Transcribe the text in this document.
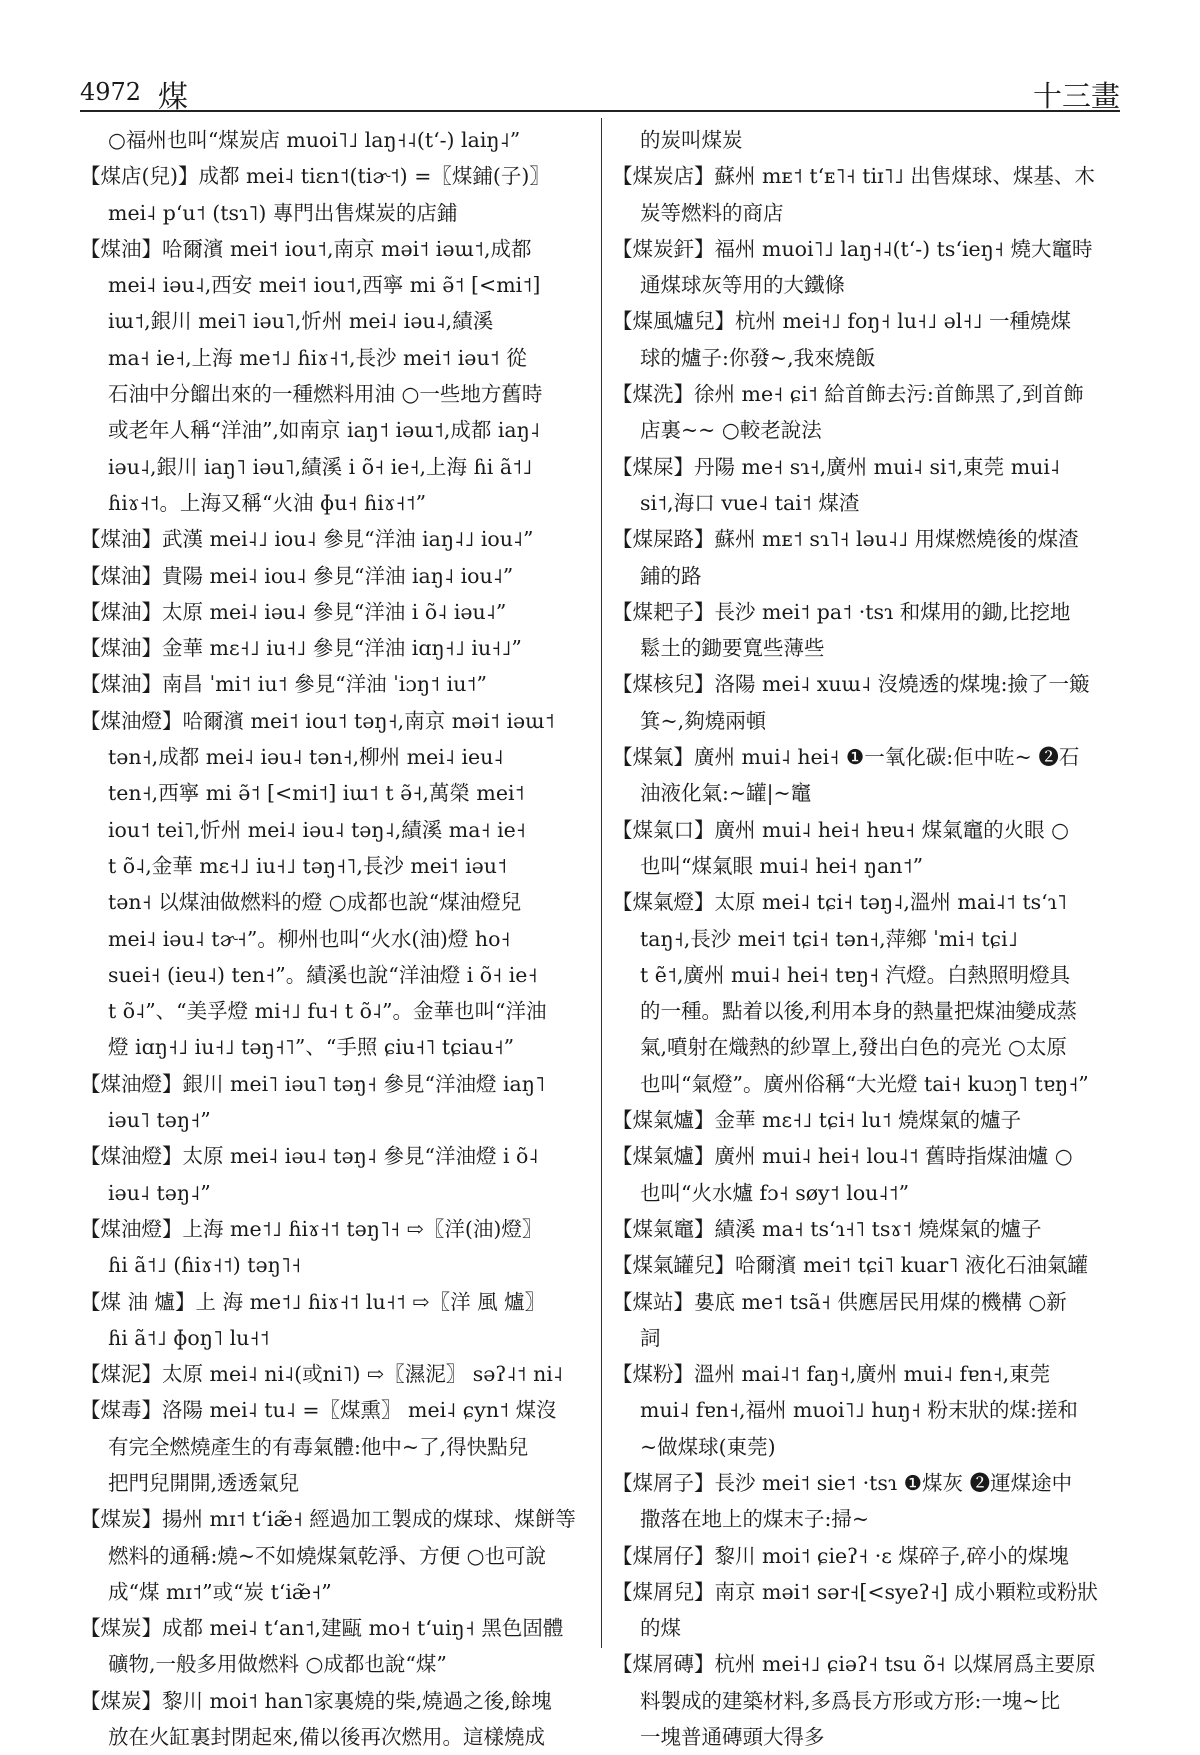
4972 煤	十三畫
○福州也叫“煤炭店 muoi˥˩ laŋ˧˨(tʻ-) laiŋ˨”
【煤店(兒)】成都 mei˨ tiɛn˦(tiɚ˦) =〖煤鋪(子)〗
mei˨ pʻu˦ (tsɿ˥) 專門出售煤炭的店鋪
【煤油】哈爾濱 mei˦ iou˦,南京 məi˦ iəɯ˦,成都
mei˨ iəu˨,西安 mei˦ iou˦,西寧 mi ə̃˦ [<mi˦]
iɯ˦,銀川 mei˥ iəu˥,忻州 mei˨ iəu˨,績溪
ma˧ ie˧,上海 me˦˩ ɦiɤ˧˦,長沙 mei˦ iəu˦ 從
石油中分餾出來的一種燃料用油 ○一些地方舊時
或老年人稱“洋油”,如南京 iaŋ˦ iəɯ˦,成都 iaŋ˨
iəu˨,銀川 iaŋ˥ iəu˥,績溪 i õ˧ ie˧,上海 ɦi ã˦˩
ɦiɤ˧˦。上海又稱“火油 ɸu˧ ɦiɤ˧˦”
【煤油】武漢 mei˨˩ iou˨ 參見“洋油 iaŋ˨˩ iou˨”
【煤油】貴陽 mei˨ iou˨ 參見“洋油 iaŋ˨ iou˨”
【煤油】太原 mei˨ iəu˨ 參見“洋油 i õ˨ iəu˨”
【煤油】金華 mɛ˧˩ iu˧˩ 參見“洋油 iɑŋ˧˩ iu˧˩”
【煤油】南昌 ˈmi˦ iu˦ 參見“洋油 ˈiɔŋ˦ iu˦”
【煤油燈】哈爾濱 mei˦ iou˦ təŋ˧,南京 məi˦ iəɯ˦
tən˧,成都 mei˨ iəu˨ tən˧,柳州 mei˨ ieu˨
ten˧,西寧 mi ə̃˦ [<mi˦] iɯ˦ t ə̃˧,萬榮 mei˦
iou˦ tei˥,忻州 mei˨ iəu˨ təŋ˨,績溪 ma˧ ie˧
t õ˨,金華 mɛ˧˩ iu˧˩ təŋ˧˥,長沙 mei˦ iəu˦
tən˧ 以煤油做燃料的燈 ○成都也說“煤油燈兒
mei˨ iəu˨ tɚ˧”。柳州也叫“火水(油)燈 ho˧
suei˧ (ieu˨) ten˧”。績溪也說“洋油燈 i õ˧ ie˧
t õ˨”、“美孚燈 mi˧˩ fu˧ t õ˨”。金華也叫“洋油
燈 iɑŋ˧˩ iu˧˩ təŋ˧˥”、“手照 ɕiu˧˥ tɕiau˧”
【煤油燈】銀川 mei˥ iəu˥ təŋ˧ 參見“洋油燈 iaŋ˥
iəu˥ təŋ˧”
【煤油燈】太原 mei˨ iəu˨ təŋ˨ 參見“洋油燈 i õ˨
iəu˨ təŋ˨”
【煤油燈】上海 me˦˩ ɦiɤ˧˦ təŋ˥˧ ⇨〖洋(油)燈〗
ɦi ã˦˩ (ɦiɤ˧˦) təŋ˥˧
【煤 油 爐】上 海 me˦˩ ɦiɤ˧˦ lu˧˦ ⇨〖洋 風 爐〗
ɦi ã˦˩ ɸoŋ˥ lu˧˦
【煤泥】太原 mei˨ ni˨(或ni˥) ⇨〖濕泥〗 səʔ˨˦ ni˨
【煤毒】洛陽 mei˨ tu˨ =〖煤熏〗 mei˨ ɕyn˦ 煤沒
有完全燃燒產生的有毒氣體:他中~了,得快點兒
把門兒開開,透透氣兒
【煤炭】揚州 mɪ˦ tʻiæ̃˧ 經過加工製成的煤球、煤餅等
燃料的通稱:燒~不如燒煤氣乾淨、方便 ○也可說
成“煤 mɪ˦”或“炭 tʻiæ̃˧”
【煤炭】成都 mei˨ tʻan˦,建甌 mo˧ tʻuiŋ˧ 黑色固體
礦物,一般多用做燃料 ○成都也說“煤”
【煤炭】黎川 moi˦ han˥家裏燒的柴,燒過之後,餘塊
放在火缸裏封閉起來,備以後再次燃用。這樣燒成
的炭叫煤炭
【煤炭店】蘇州 mᴇ˦ tʻᴇ˥˧ tiɪ˥˩ 出售煤球、煤基、木
炭等燃料的商店
【煤炭釬】福州 muoi˥˩ laŋ˧˨(tʻ-) tsʻieŋ˧ 燒大竈時
通煤球灰等用的大鐵條
【煤風爐兒】杭州 mei˧˩ foŋ˧ lu˧˩ əl˧˩ 一種燒煤
球的爐子:你發~,我來燒飯
【煤洗】徐州 me˧ ɕi˦ 給首飾去污:首飾黑了,到首飾
店裏~~ ○較老說法
【煤屎】丹陽 me˧ sɿ˧,廣州 mui˨ si˦,東莞 mui˨
si˦,海口 vue˨ tai˦ 煤渣
【煤屎路】蘇州 mᴇ˦ sɿ˥˧ ləu˨˩ 用煤燃燒後的煤渣
鋪的路
【煤耙子】長沙 mei˦ pa˦ ·tsɿ 和煤用的鋤,比挖地
鬆土的鋤要寬些薄些
【煤核兒】洛陽 mei˨ xuɯ˨ 沒燒透的煤塊:撿了一簸
箕~,夠燒兩頓
【煤氣】廣州 mui˨ hei˧ ❶一氧化碳:佢中咗~ ❷石
油液化氣:~罐|~竈
【煤氣口】廣州 mui˨ hei˧ hɐu˧ 煤氣竈的火眼 ○
也叫“煤氣眼 mui˨ hei˧ ŋan˦”
【煤氣燈】太原 mei˨ tɕi˧ təŋ˨,溫州 mai˨˦ tsʻɿ˥
taŋ˧,長沙 mei˦ tɕi˧ tən˧,萍鄉 ˈmi˧ tɕi˩
t ẽ˦,廣州 mui˨ hei˧ tɐŋ˧ 汽燈。白熱照明燈具
的一種。點着以後,利用本身的熱量把煤油變成蒸
氣,噴射在熾熱的紗罩上,發出白色的亮光 ○太原
也叫“氣燈”。廣州俗稱“大光燈 tai˧ kuɔŋ˥ tɐŋ˧”
【煤氣爐】金華 mɛ˧˩ tɕi˧ lu˦ 燒煤氣的爐子
【煤氣爐】廣州 mui˨ hei˧ lou˨˦ 舊時指煤油爐 ○
也叫“火水爐 fɔ˧ søy˦ lou˨˦”
【煤氣竈】績溪 ma˧ tsʻɿ˧˥ tsɤ˦ 燒煤氣的爐子
【煤氣罐兒】哈爾濱 mei˦ tɕi˥ kuar˥ 液化石油氣罐
【煤站】婁底 me˦ tsã˧ 供應居民用煤的機構 ○新
詞
【煤粉】溫州 mai˨˦ faŋ˧,廣州 mui˨ fɐn˧,東莞
mui˨ fɐn˧,福州 muoi˥˩ huŋ˧ 粉末狀的煤:搓和
~做煤球(東莞)
【煤屑子】長沙 mei˦ sie˦ ·tsɿ ❶煤灰 ❷運煤途中
撒落在地上的煤末子:掃~
【煤屑仔】黎川 moi˦ ɕieʔ˧ ·ɛ 煤碎子,碎小的煤塊
【煤屑兒】南京 məi˦ sər˧[<syeʔ˧] 成小顆粒或粉狀
的煤
【煤屑磚】杭州 mei˧˩ ɕiəʔ˧ tsu õ˧ 以煤屑爲主要原
料製成的建築材料,多爲長方形或方形:一塊~比
一塊普通磚頭大得多
